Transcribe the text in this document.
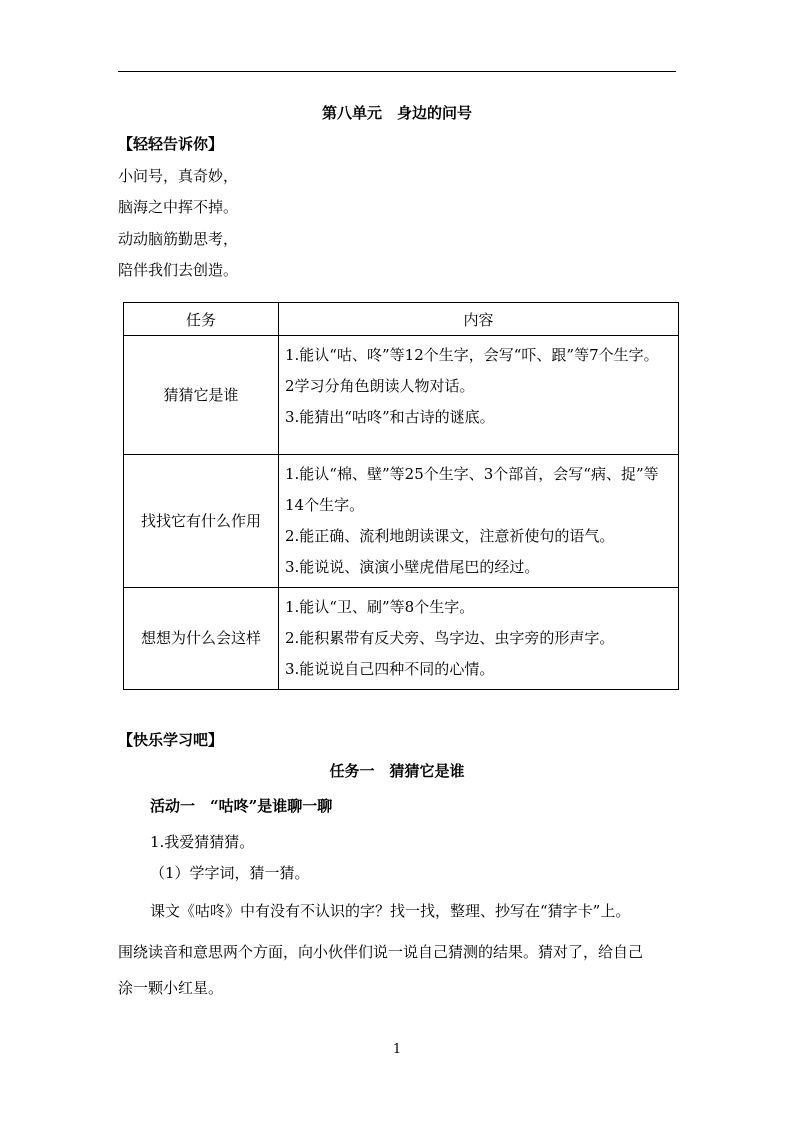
第八单元　身边的问号
【轻轻告诉你】
小问号，真奇妙，
脑海之中挥不掉。
动动脑筋勤思考，
陪伴我们去创造。
任务	内容
猜猜它是谁	1.能认“咕、咚”等12个生字，会写“吓、跟”等7个生字。
2学习分角色朗读人物对话。
3.能猜出“咕咚”和古诗的谜底。

找找它有什么作用	1.能认“棉、壁”等25个生字、3个部首，会写“病、捉”等14个生字。
2.能正确、流利地朗读课文，注意祈使句的语气。
3.能说说、演演小壁虎借尾巴的经过。

想想为什么会这样	1.能认“卫、刷”等8个生字。
2.能积累带有反犬旁、鸟字边、虫字旁的形声字。
3.能说说自己四种不同的心情。
【快乐学习吧】
任务一　猜猜它是谁
活动一　“咕咚”是谁聊一聊
1.我爱猜猜猜。
（1）学字词，猜一猜。
课文《咕咚》中有没有不认识的字？找一找，整理、抄写在“猜字卡”上。
围绕读音和意思两个方面，向小伙伴们说一说自己猜测的结果。猜对了，给自己
涂一颗小红星。
1
